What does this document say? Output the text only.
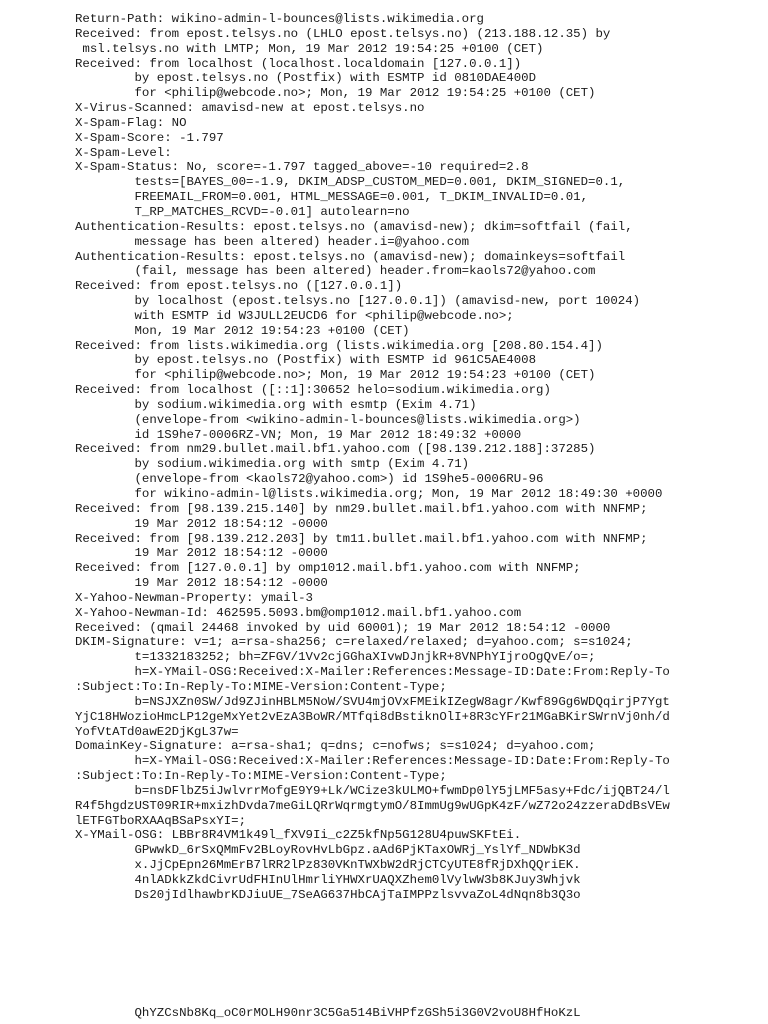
Return-Path: wikino-admin-l-bounces@lists.wikimedia.org
Received: from epost.telsys.no (LHLO epost.telsys.no) (213.188.12.35) by
msl.telsys.no with LMTP; Mon, 19 Mar 2012 19:54:25 +0100 (CET)
Received: from localhost (localhost.localdomain [127.0.0.1])
by epost.telsys.no (Postfix) with ESMTP id 0810DAE400D
for <philip@webcode.no>; Mon, 19 Mar 2012 19:54:25 +0100 (CET)
X-Virus-Scanned: amavisd-new at epost.telsys.no
X-Spam-Flag: NO
X-Spam-Score: -1.797
X-Spam-Level:
X-Spam-Status: No, score=-1.797 tagged_above=-10 required=2.8
tests=[BAYES_00=-1.9, DKIM_ADSP_CUSTOM_MED=0.001, DKIM_SIGNED=0.1,
FREEMAIL_FROM=0.001, HTML_MESSAGE=0.001, T_DKIM_INVALID=0.01,
T_RP_MATCHES_RCVD=-0.01] autolearn=no
Authentication-Results: epost.telsys.no (amavisd-new); dkim=softfail (fail,
message has been altered) header.i=@yahoo.com
Authentication-Results: epost.telsys.no (amavisd-new); domainkeys=softfail
(fail, message has been altered) header.from=kaols72@yahoo.com
Received: from epost.telsys.no ([127.0.0.1])
by localhost (epost.telsys.no [127.0.0.1]) (amavisd-new, port 10024)
with ESMTP id W3JULL2EUCD6 for <philip@webcode.no>;
Mon, 19 Mar 2012 19:54:23 +0100 (CET)
Received: from lists.wikimedia.org (lists.wikimedia.org [208.80.154.4])
by epost.telsys.no (Postfix) with ESMTP id 961C5AE4008
for <philip@webcode.no>; Mon, 19 Mar 2012 19:54:23 +0100 (CET)
Received: from localhost ([::1]:30652 helo=sodium.wikimedia.org)
by sodium.wikimedia.org with esmtp (Exim 4.71)
(envelope-from <wikino-admin-l-bounces@lists.wikimedia.org>)
id 1S9he7-0006RZ-VN; Mon, 19 Mar 2012 18:49:32 +0000
Received: from nm29.bullet.mail.bf1.yahoo.com ([98.139.212.188]:37285)
by sodium.wikimedia.org with smtp (Exim 4.71)
(envelope-from <kaols72@yahoo.com>) id 1S9he5-0006RU-96
for wikino-admin-l@lists.wikimedia.org; Mon, 19 Mar 2012 18:49:30 +0000
Received: from [98.139.215.140] by nm29.bullet.mail.bf1.yahoo.com with NNFMP;
19 Mar 2012 18:54:12 -0000
Received: from [98.139.212.203] by tm11.bullet.mail.bf1.yahoo.com with NNFMP;
19 Mar 2012 18:54:12 -0000
Received: from [127.0.0.1] by omp1012.mail.bf1.yahoo.com with NNFMP;
19 Mar 2012 18:54:12 -0000
X-Yahoo-Newman-Property: ymail-3
X-Yahoo-Newman-Id: 462595.5093.bm@omp1012.mail.bf1.yahoo.com
Received: (qmail 24468 invoked by uid 60001); 19 Mar 2012 18:54:12 -0000
DKIM-Signature: v=1; a=rsa-sha256; c=relaxed/relaxed; d=yahoo.com; s=s1024;
t=1332183252; bh=ZFGV/1Vv2cjGGhaXIvwDJnjkR+8VNPhYIjroOgQvE/o=;
h=X-YMail-OSG:Received:X-Mailer:References:Message-ID:Date:From:Reply-To
:Subject:To:In-Reply-To:MIME-Version:Content-Type;
b=NSJXZn0SW/Jd9ZJinHBLM5NoW/SVU4mjOVxFMEikIZegW8agr/Kwf89Gg6WDQqirjP7Ygt
YjC18HWozioHmcLP12geMxYet2vEzA3BoWR/MTfqi8dBstiknOlI+8R3cYFr21MGaBKirSWrnVj0nh/d
YofVtATd0awE2DjKgL37w=
DomainKey-Signature: a=rsa-sha1; q=dns; c=nofws; s=s1024; d=yahoo.com;
h=X-YMail-OSG:Received:X-Mailer:References:Message-ID:Date:From:Reply-To
:Subject:To:In-Reply-To:MIME-Version:Content-Type;
b=nsDFlbZ5iJwlvrrMofgE9Y9+Lk/WCize3kULMO+fwmDp0lY5jLMF5asy+Fdc/ijQBT24/l
R4f5hgdzUST09RIR+mxizhDvda7meGiLQRrWqrmgtymO/8ImmUg9wUGpK4zF/wZ72o24zzeraDdBsVEw
lETFGTboRXAAqBSaPsxYI=;
X-YMail-OSG: LBBr8R4VM1k49l_fXV9Ii_c2Z5kfNp5G128U4puwSKFtEi.
GPwwkD_6rSxQMmFv2BLoyRovHvLbGpz.aAd6PjKTaxOWRj_YslYf_NDWbK3d
x.JjCpEpn26MmErB7lRR2lPz830VKnTWXbW2dRjCTCyUTE8fRjDXhQQriEK.
4nlADkkZkdCivrUdFHInUlHmrliYHWXrUAQXZhem0lVylwW3b8KJuy3Whjvk
Ds20jIdlhawbrKDJiuUE_7SeAG637HbCAjTaIMPPzlsvvaZoL4dNqn8b3Q3o
QhYZCsNb8Kq_oC0rMOLH90nr3C5Ga514BiVHPfzGSh5i3G0V2voU8HfHoKzL
